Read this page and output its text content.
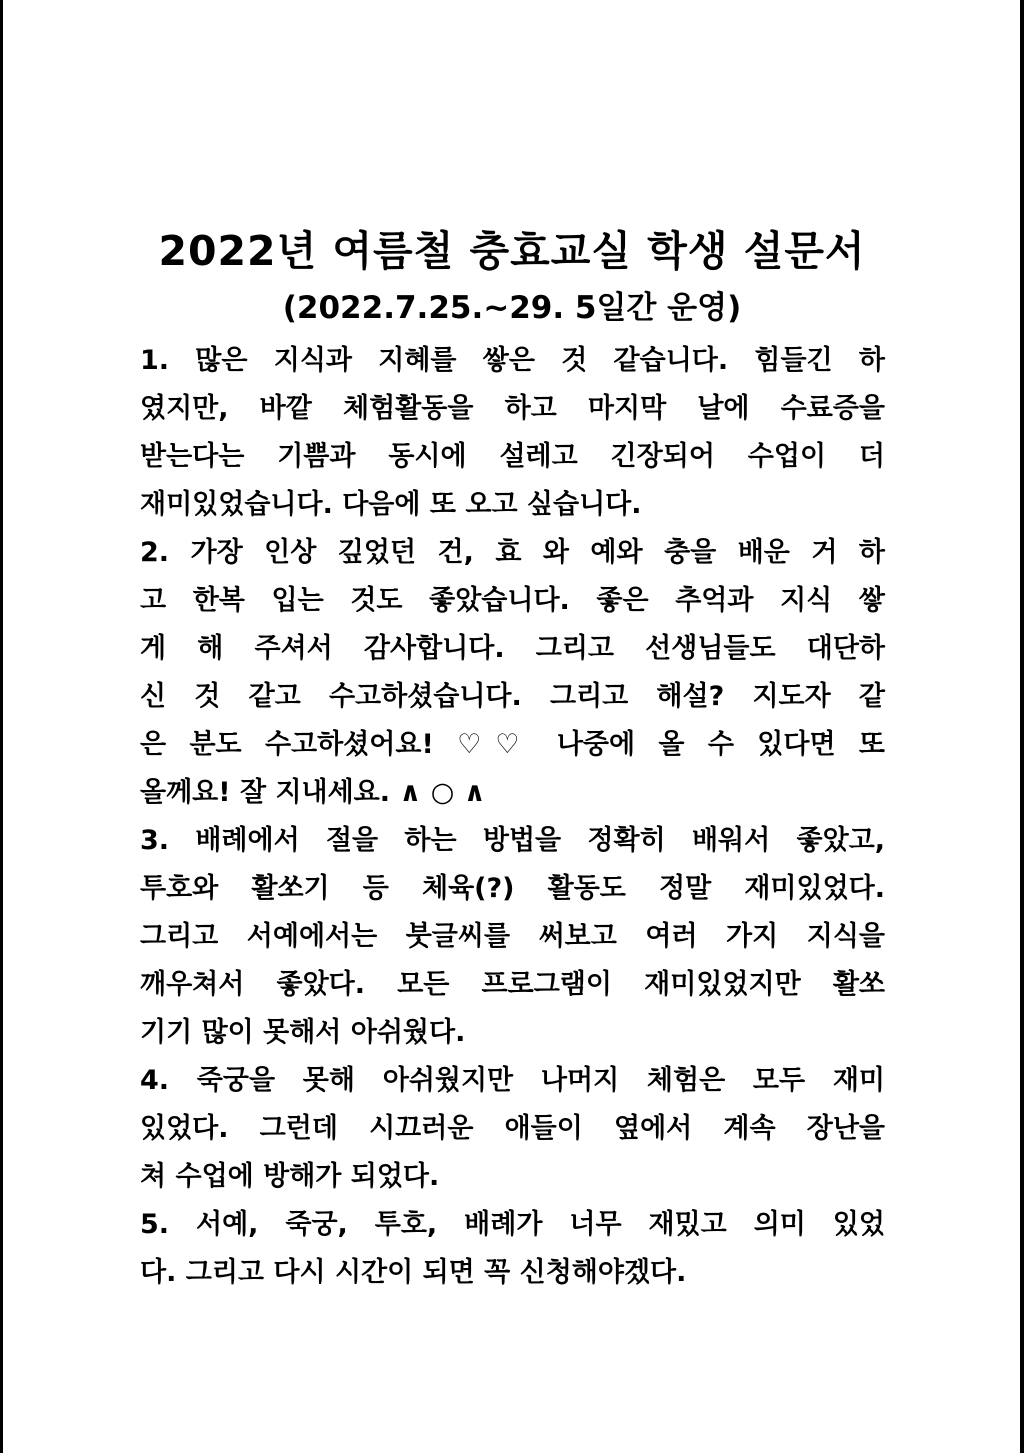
2022년 여름철 충효교실 학생 설문서
(2022.7.25.~29. 5일간 운영)
1. 많은 지식과 지혜를 쌓은 것 같습니다. 힘들긴 하
였지만, 바깥 체험활동을 하고 마지막 날에 수료증을
받는다는 기쁨과 동시에 설레고 긴장되어 수업이 더
재미있었습니다. 다음에 또 오고 싶습니다.
2. 가장 인상 깊었던 건, 효 와 예와 충을 배운 거 하
고 한복 입는 것도 좋았습니다. 좋은 추억과 지식 쌓
게 해 주셔서 감사합니다. 그리고 선생님들도 대단하
신 것 같고 수고하셨습니다. 그리고 해설? 지도자 같
은 분도 수고하셨어요! ♡♡ 나중에 올 수 있다면 또
올께요! 잘 지내세요. ∧ ○ ∧
3. 배례에서 절을 하는 방법을 정확히 배워서 좋았고,
투호와 활쏘기 등 체육(?) 활동도 정말 재미있었다.
그리고 서예에서는 붓글씨를 써보고 여러 가지 지식을
깨우쳐서 좋았다. 모든 프로그램이 재미있었지만 활쏘
기기 많이 못해서 아쉬웠다.
4. 죽궁을 못해 아쉬웠지만 나머지 체험은 모두 재미
있었다. 그런데 시끄러운 애들이 옆에서 계속 장난을
쳐 수업에 방해가 되었다.
5. 서예, 죽궁, 투호, 배례가 너무 재밌고 의미 있었
다. 그리고 다시 시간이 되면 꼭 신청해야겠다.
